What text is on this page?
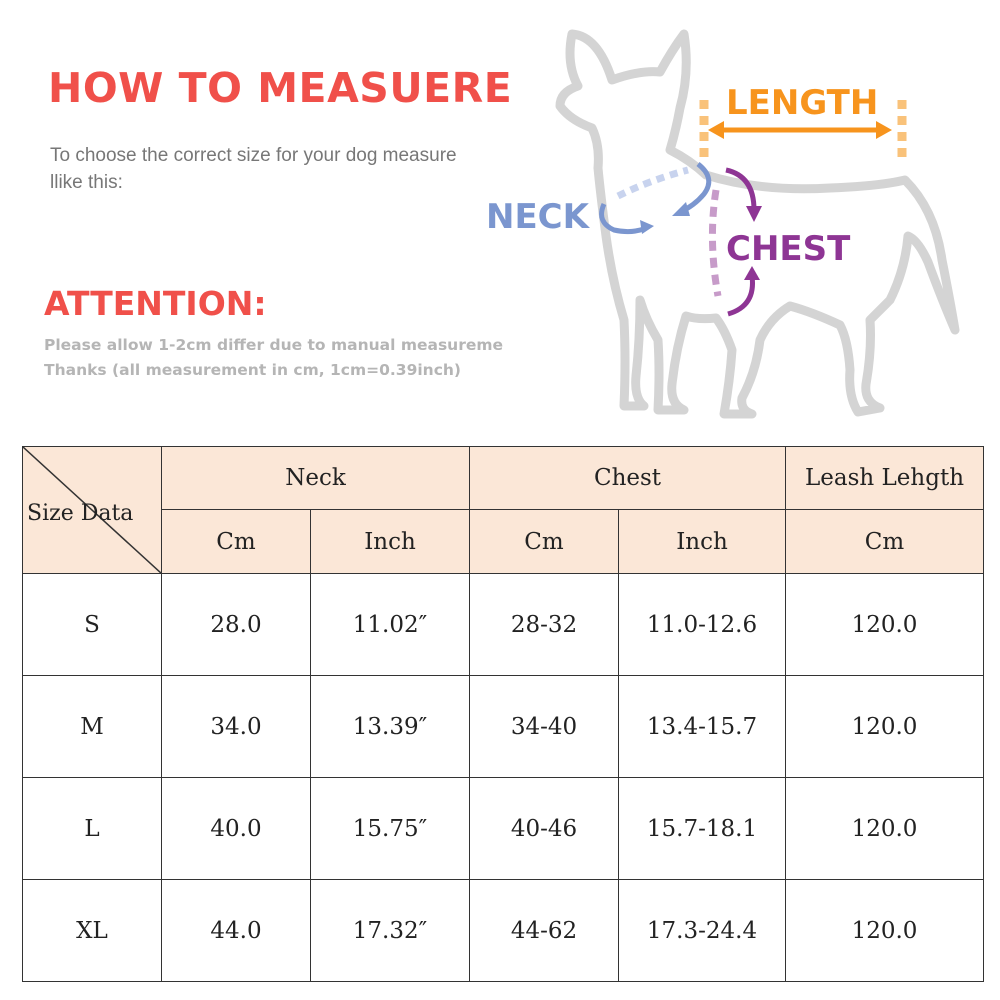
HOW TO MEASUERE

To choose the correct size for your dog measure llike this:

ATTENTION:
Please allow 1-2cm differ due to manual measureme
Thanks (all measurement in cm, 1cm=0.39inch)
LENGTH
NECK
CHEST
Size Data	Neck		Chest		Leash Lehgth
	Cm	Inch	Cm	Inch	Cm
S	28.0	11.02″	28-32	11.0-12.6	120.0
M	34.0	13.39″	34-40	13.4-15.7	120.0
L	40.0	15.75″	40-46	15.7-18.1	120.0
XL	44.0	17.32″	44-62	17.3-24.4	120.0
